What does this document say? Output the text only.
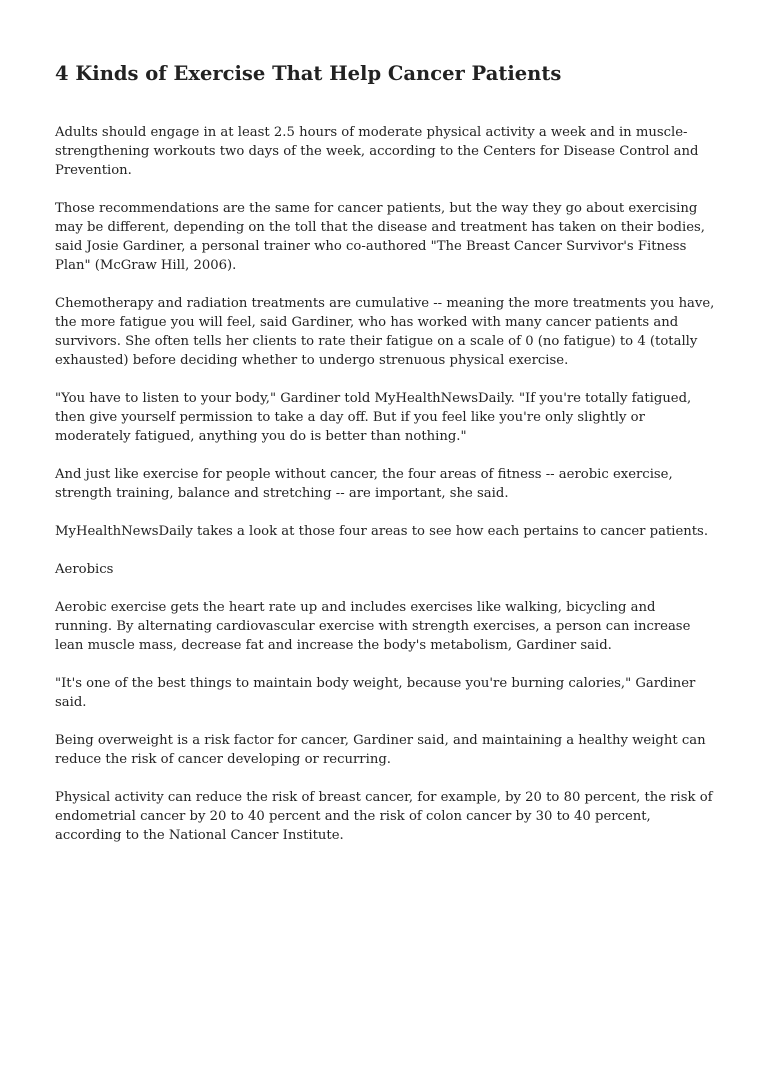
4 Kinds of Exercise That Help Cancer Patients

Adults should engage in at least 2.5 hours of moderate physical activity a week and in muscle-strengthening workouts two days of the week, according to the Centers for Disease Control and Prevention.

Those recommendations are the same for cancer patients, but the way they go about exercising may be different, depending on the toll that the disease and treatment has taken on their bodies, said Josie Gardiner, a personal trainer who co-authored "The Breast Cancer Survivor's Fitness Plan" (McGraw Hill, 2006).

Chemotherapy and radiation treatments are cumulative -- meaning the more treatments you have, the more fatigue you will feel, said Gardiner, who has worked with many cancer patients and survivors. She often tells her clients to rate their fatigue on a scale of 0 (no fatigue) to 4 (totally exhausted) before deciding whether to undergo strenuous physical exercise.

"You have to listen to your body," Gardiner told MyHealthNewsDaily. "If you're totally fatigued, then give yourself permission to take a day off. But if you feel like you're only slightly or moderately fatigued, anything you do is better than nothing."

And just like exercise for people without cancer, the four areas of fitness -- aerobic exercise, strength training, balance and stretching -- are important, she said.

MyHealthNewsDaily takes a look at those four areas to see how each pertains to cancer patients.

Aerobics

Aerobic exercise gets the heart rate up and includes exercises like walking, bicycling and running. By alternating cardiovascular exercise with strength exercises, a person can increase lean muscle mass, decrease fat and increase the body's metabolism, Gardiner said.

"It's one of the best things to maintain body weight, because you're burning calories," Gardiner said.

Being overweight is a risk factor for cancer, Gardiner said, and maintaining a healthy weight can reduce the risk of cancer developing or recurring.

Physical activity can reduce the risk of breast cancer, for example, by 20 to 80 percent, the risk of endometrial cancer by 20 to 40 percent and the risk of colon cancer by 30 to 40 percent, according to the National Cancer Institute.
